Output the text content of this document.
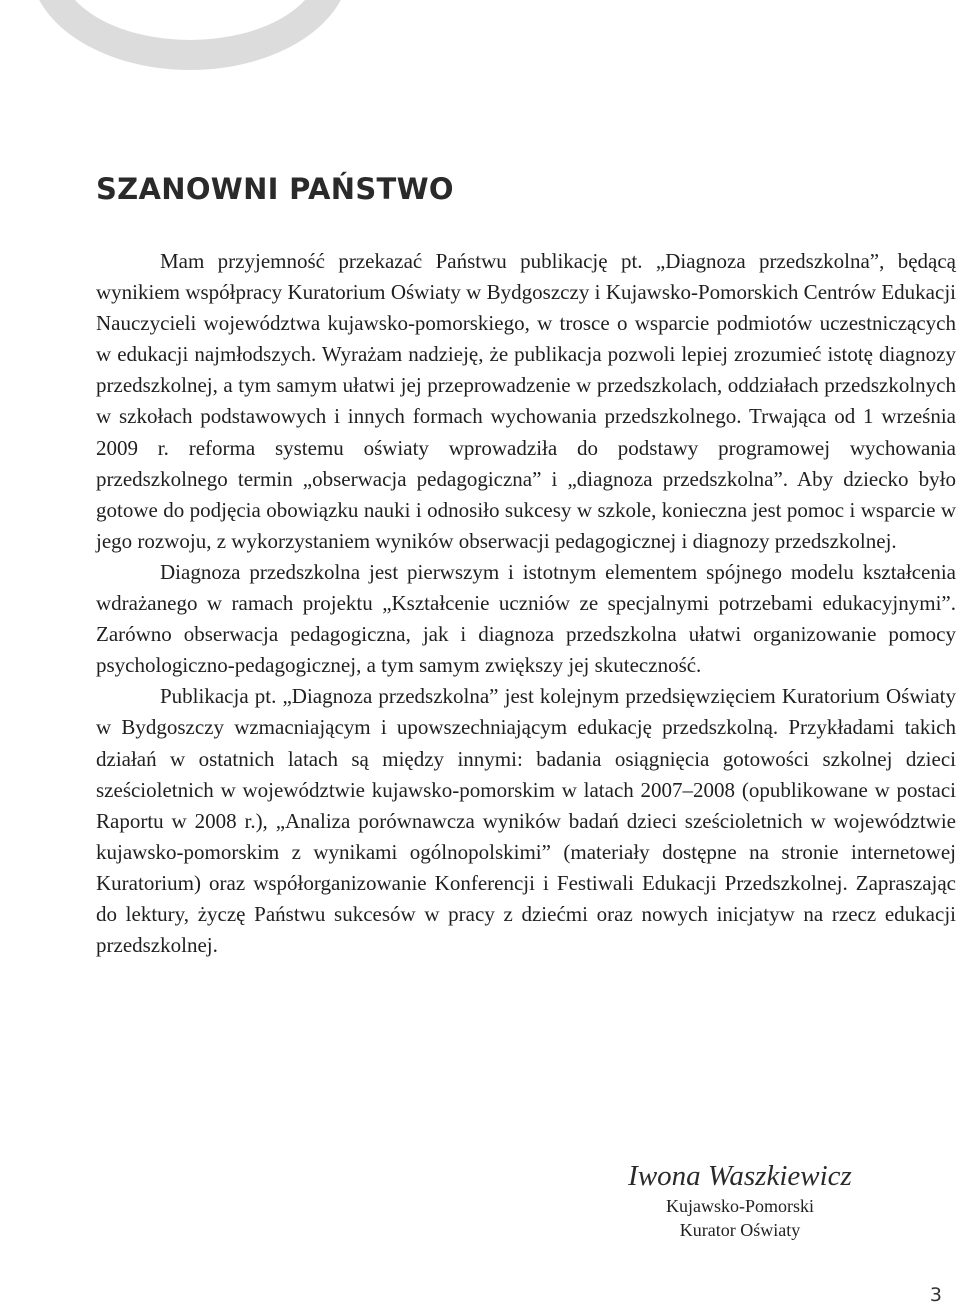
SZANOWNI PAŃSTWO

Mam przyjemność przekazać Państwu publikację pt. „Diagnoza przedszkolna”, będącą wynikiem współpracy Kuratorium Oświaty w Bydgoszczy i Kujawsko-Pomorskich Centrów Edukacji Nauczycieli województwa kujawsko-pomorskiego, w trosce o wsparcie podmiotów uczestniczących w edukacji najmłodszych. Wyrażam nadzieję, że publikacja pozwoli lepiej zrozumieć istotę diagnozy przedszkolnej, a tym samym ułatwi jej przeprowadzenie w przedszkolach, oddziałach przedszkolnych w szkołach podstawowych i innych formach wychowania przedszkolnego. Trwająca od 1 września 2009 r. reforma systemu oświaty wprowadziła do podstawy programowej wychowania przedszkolnego termin „obserwacja pedagogiczna” i „diagnoza przedszkolna”. Aby dziecko było gotowe do podjęcia obowiązku nauki i odnosiło sukcesy w szkole, konieczna jest pomoc i wsparcie w jego rozwoju, z wykorzystaniem wyników obserwacji pedagogicznej i diagnozy przedszkolnej.

Diagnoza przedszkolna jest pierwszym i istotnym elementem spójnego modelu kształcenia wdrażanego w ramach projektu „Kształcenie uczniów ze specjalnymi potrzebami edukacyjnymi”. Zarówno obserwacja pedagogiczna, jak i diagnoza przedszkolna ułatwi organizowanie pomocy psychologiczno-pedagogicznej, a tym samym zwiększy jej skuteczność.

Publikacja pt. „Diagnoza przedszkolna” jest kolejnym przedsięwzięciem Kuratorium Oświaty w Bydgoszczy wzmacniającym i upowszechniającym edukację przedszkolną. Przykładami takich działań w ostatnich latach są między innymi: badania osiągnięcia gotowości szkolnej dzieci sześcioletnich w województwie kujawsko-pomorskim w latach 2007–2008 (opublikowane w postaci Raportu w 2008 r.), „Analiza porównawcza wyników badań dzieci sześcioletnich w województwie kujawsko-pomorskim z wynikami ogólnopolskimi” (materiały dostępne na stronie internetowej Kuratorium) oraz współorganizowanie Konferencji i Festiwali Edukacji Przedszkolnej. Zapraszając do lektury, życzę Państwu sukcesów w pracy z dziećmi oraz nowych inicjatyw na rzecz edukacji przedszkolnej.

Iwona Waszkiewicz
Kujawsko-Pomorski
Kurator Oświaty
3
